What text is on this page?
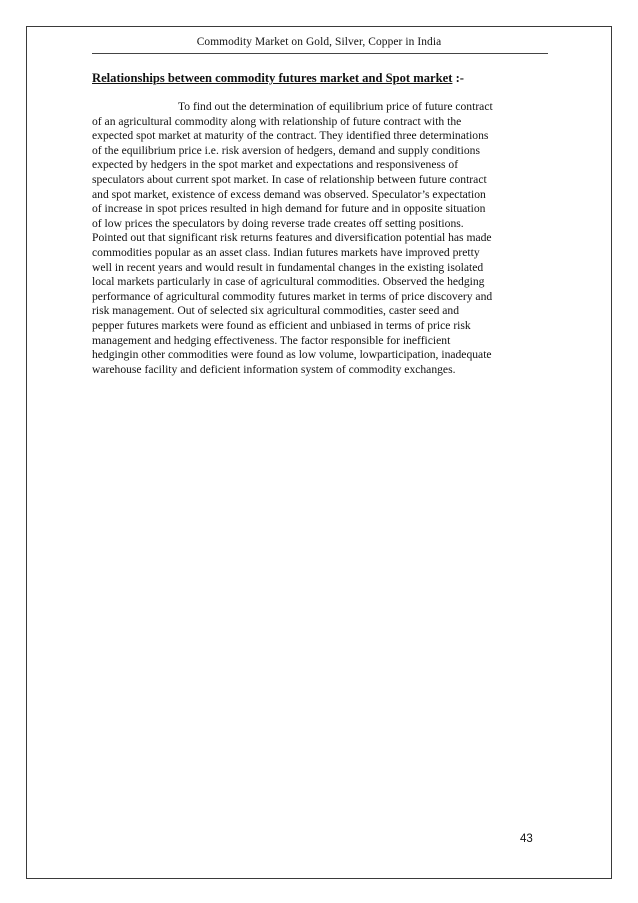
Commodity Market on Gold, Silver, Copper in India
Relationships between commodity futures market and Spot market :-
To find out the determination of equilibrium price of future contract
of an agricultural commodity along with relationship of future contract with the
expected spot market at maturity of the contract. They identified three determinations
of the equilibrium price i.e. risk aversion of hedgers, demand and supply conditions
expected by hedgers in the spot market and expectations and responsiveness of
speculators about current spot market. In case of relationship between future contract
and spot market, existence of excess demand was observed. Speculator’s expectation
of increase in spot prices resulted in high demand for future and in opposite situation
of low prices the speculators by doing reverse trade creates off setting positions.
Pointed out that significant risk returns features and diversification potential has made
commodities popular as an asset class. Indian futures markets have improved pretty
well in recent years and would result in fundamental changes in the existing isolated
local markets particularly in case of agricultural commodities. Observed the hedging
performance of agricultural commodity futures market in terms of price discovery and
risk management. Out of selected six agricultural commodities, caster seed and
pepper futures markets were found as efficient and unbiased in terms of price risk
management and hedging effectiveness. The factor responsible for inefficient
hedgingin other commodities were found as low volume, lowparticipation, inadequate
warehouse facility and deficient information system of commodity exchanges.
43
